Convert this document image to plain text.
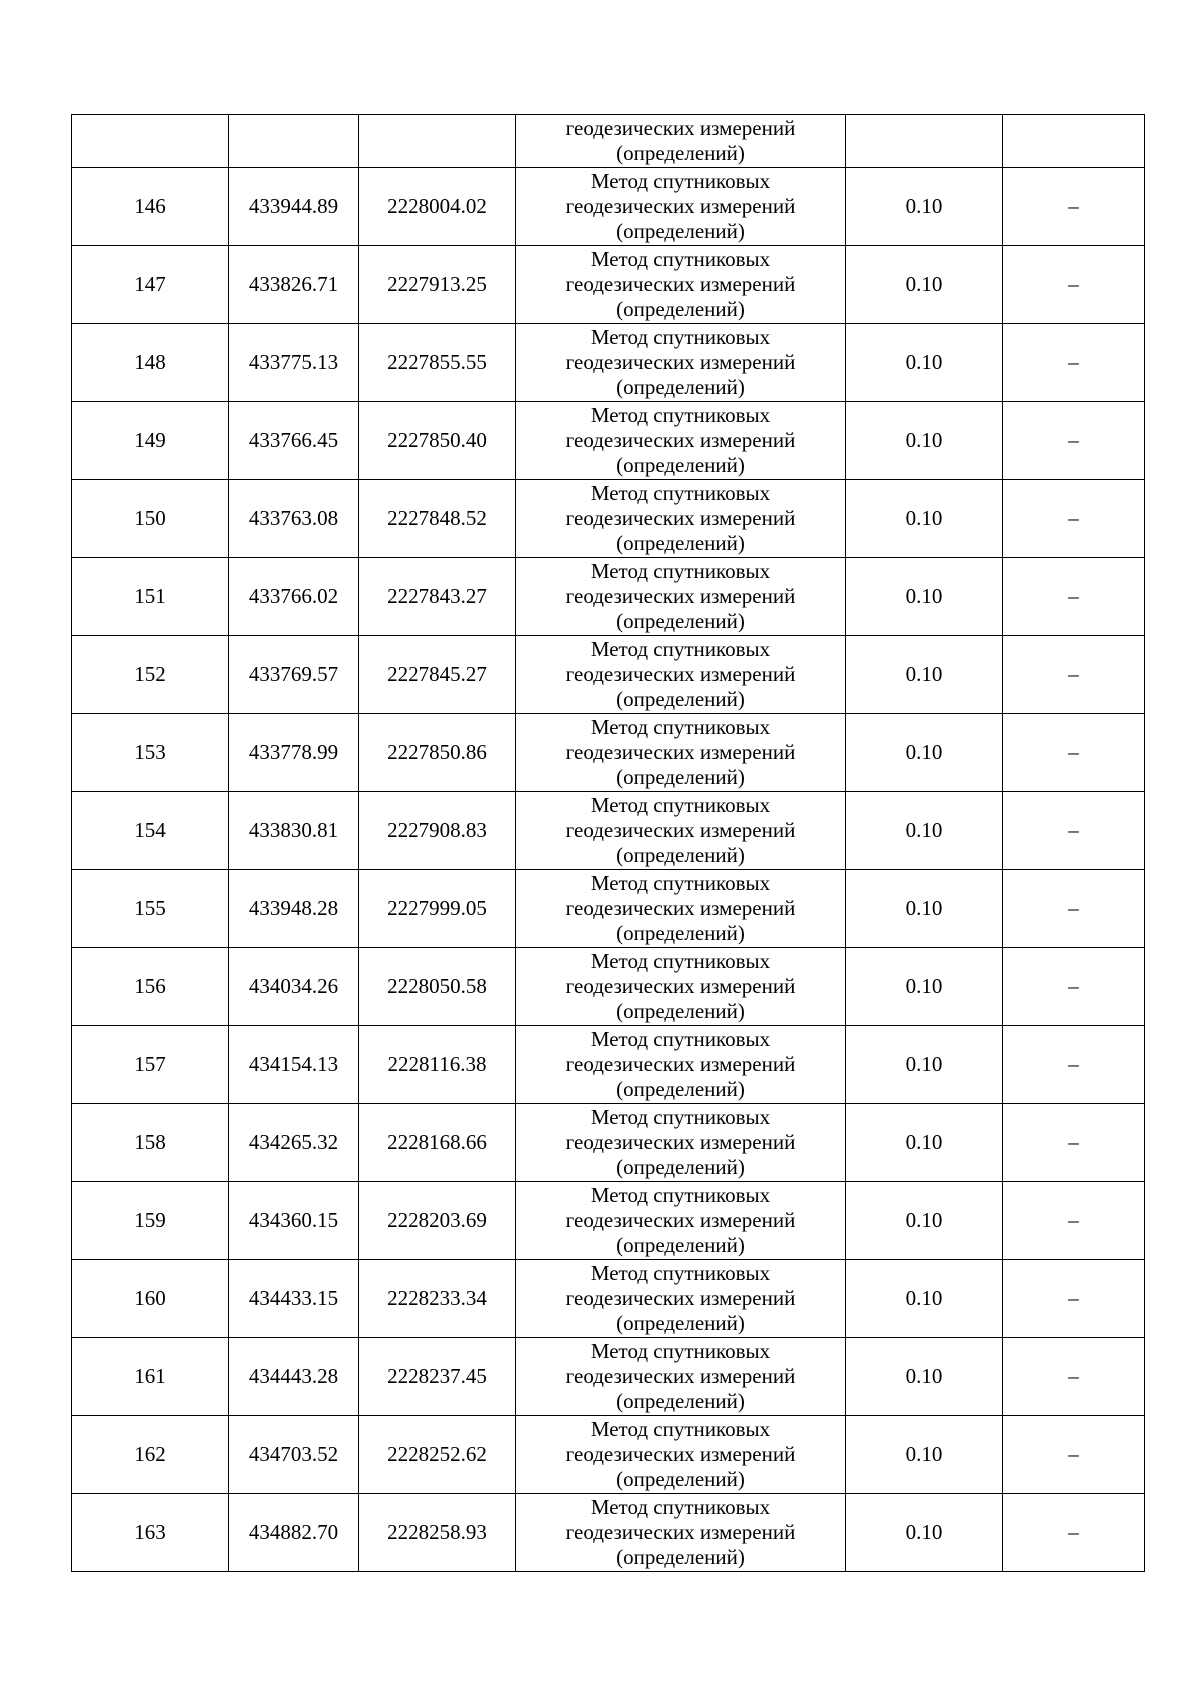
			геодезических измерений
(определений)		

146	433944.89	2228004.02	Метод спутниковых
геодезических измерений
(определений)	0.10	–
147	433826.71	2227913.25	Метод спутниковых
геодезических измерений
(определений)	0.10	–
148	433775.13	2227855.55	Метод спутниковых
геодезических измерений
(определений)	0.10	–
149	433766.45	2227850.40	Метод спутниковых
геодезических измерений
(определений)	0.10	–
150	433763.08	2227848.52	Метод спутниковых
геодезических измерений
(определений)	0.10	–
151	433766.02	2227843.27	Метод спутниковых
геодезических измерений
(определений)	0.10	–
152	433769.57	2227845.27	Метод спутниковых
геодезических измерений
(определений)	0.10	–
153	433778.99	2227850.86	Метод спутниковых
геодезических измерений
(определений)	0.10	–
154	433830.81	2227908.83	Метод спутниковых
геодезических измерений
(определений)	0.10	–
155	433948.28	2227999.05	Метод спутниковых
геодезических измерений
(определений)	0.10	–
156	434034.26	2228050.58	Метод спутниковых
геодезических измерений
(определений)	0.10	–
157	434154.13	2228116.38	Метод спутниковых
геодезических измерений
(определений)	0.10	–
158	434265.32	2228168.66	Метод спутниковых
геодезических измерений
(определений)	0.10	–
159	434360.15	2228203.69	Метод спутниковых
геодезических измерений
(определений)	0.10	–
160	434433.15	2228233.34	Метод спутниковых
геодезических измерений
(определений)	0.10	–
161	434443.28	2228237.45	Метод спутниковых
геодезических измерений
(определений)	0.10	–
162	434703.52	2228252.62	Метод спутниковых
геодезических измерений
(определений)	0.10	–
163	434882.70	2228258.93	Метод спутниковых
геодезических измерений
(определений)	0.10	–
